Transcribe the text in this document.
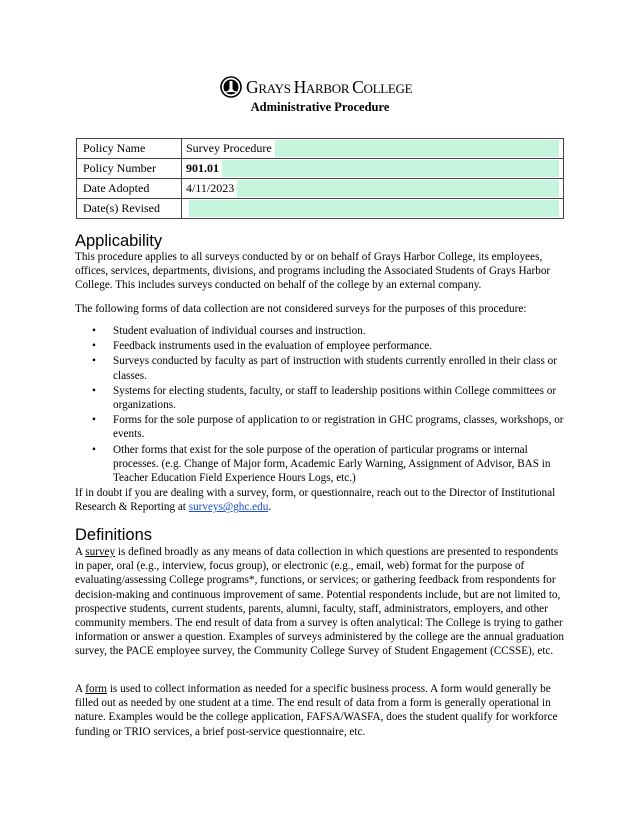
GRAYS HARBOR COLLEGE
Administrative Procedure
Policy Name	Survey Procedure

Policy Number	901.01

Date Adopted	4/11/2023

Date(s) Revised	
Applicability

This procedure applies to all surveys conducted by or on behalf of Grays Harbor College, its employees, offices, services, departments, divisions, and programs including the Associated Students of Grays Harbor College. This includes surveys conducted on behalf of the college by an external company.

The following forms of data collection are not considered surveys for the purposes of this procedure:

• Student evaluation of individual courses and instruction.
• Feedback instruments used in the evaluation of employee performance.
• Surveys conducted by faculty as part of instruction with students currently enrolled in their class or classes.
• Systems for electing students, faculty, or staff to leadership positions within College committees or organizations.
• Forms for the sole purpose of application to or registration in GHC programs, classes, workshops, or events.
• Other forms that exist for the sole purpose of the operation of particular programs or internal processes. (e.g. Change of Major form, Academic Early Warning, Assignment of Advisor, BAS in Teacher Education Field Experience Hours Logs, etc.)

If in doubt if you are dealing with a survey, form, or questionnaire, reach out to the Director of Institutional Research & Reporting at surveys@ghc.edu.

Definitions

A survey is defined broadly as any means of data collection in which questions are presented to respondents in paper, oral (e.g., interview, focus group), or electronic (e.g., email, web) format for the purpose of evaluating/assessing College programs*, functions, or services; or gathering feedback from respondents for decision-making and continuous improvement of same. Potential respondents include, but are not limited to, prospective students, current students, parents, alumni, faculty, staff, administrators, employers, and other community members. The end result of data from a survey is often analytical: The College is trying to gather information or answer a question. Examples of surveys administered by the college are the annual graduation survey, the PACE employee survey, the Community College Survey of Student Engagement (CCSSE), etc.

A form is used to collect information as needed for a specific business process. A form would generally be filled out as needed by one student at a time. The end result of data from a form is generally operational in nature. Examples would be the college application, FAFSA/WASFA, does the student qualify for workforce funding or TRIO services, a brief post-service questionnaire, etc.
